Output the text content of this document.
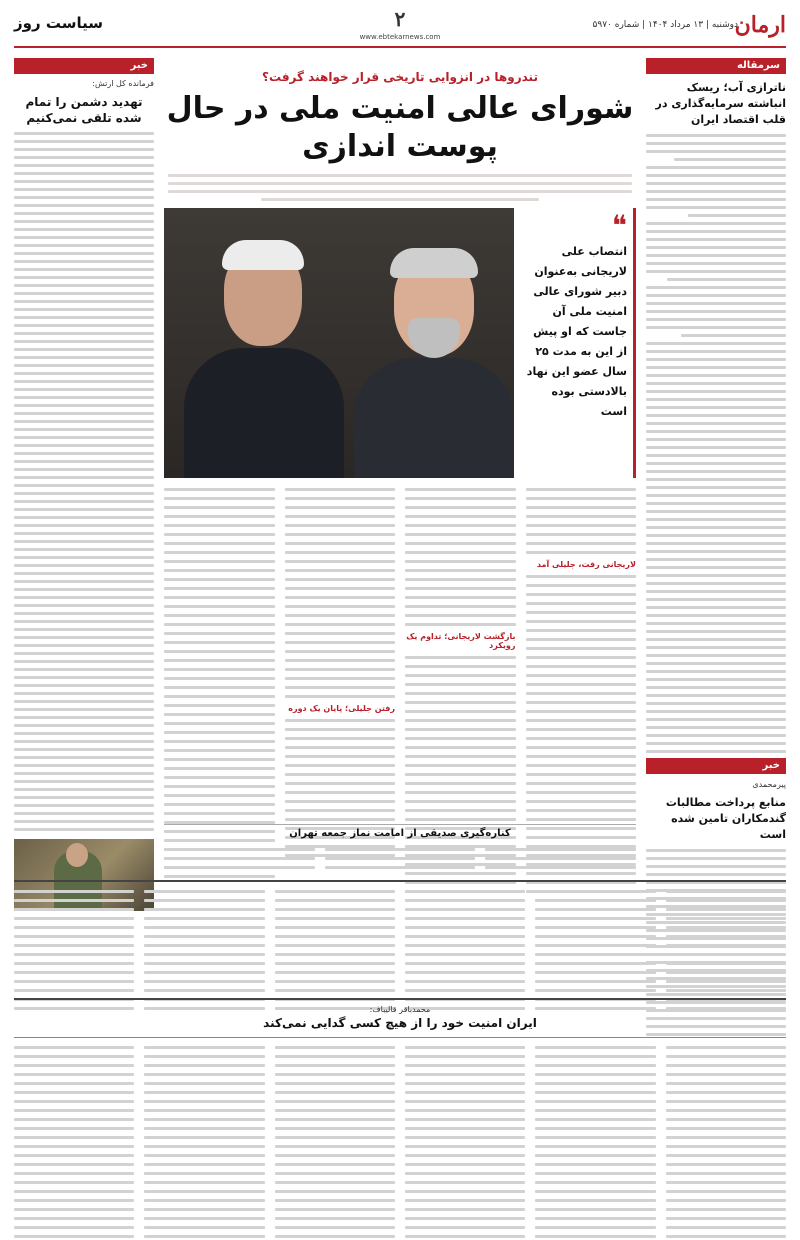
ارمان
دوشنبه | ۱۳ مرداد ۱۴۰۴ | شماره ۵۹۷۰
۲
www.ebtekarnews.com
سیاست روز
سرمقاله
ناترازی آب؛ ریسک انباشته سرمایه‌گذاری در قلب اقتصاد ایران
خبر
پیرمحمدی
منابع پرداخت مطالبات گندمکاران تامین شده است
خبر
فرمانده کل ارتش:
تهدید دشمن را تمام شده تلقی نمی‌کنیم
تندروها در انزوایی تاریخی قرار خواهند گرفت؟
شورای عالی امنیت ملی در حال پوست اندازی
❝
انتصاب علی لاریجانی به‌عنوان دبیر شورای عالی امنیت ملی آن جاست که او پیش از این به مدت ۲۵ سال عضو این نهاد بالادستی بوده است
لاریجانی رفت، جلیلی آمد
بازگشت لاریجانی؛ تداوم یک رویکرد
رفتن جلیلی؛ پایان یک دوره
کناره‌گیری صدیقی از امامت نماز جمعه تهران
محمدباقر قالیباف:
ایران امنیت خود را از هیچ کسی گدایی نمی‌کند
